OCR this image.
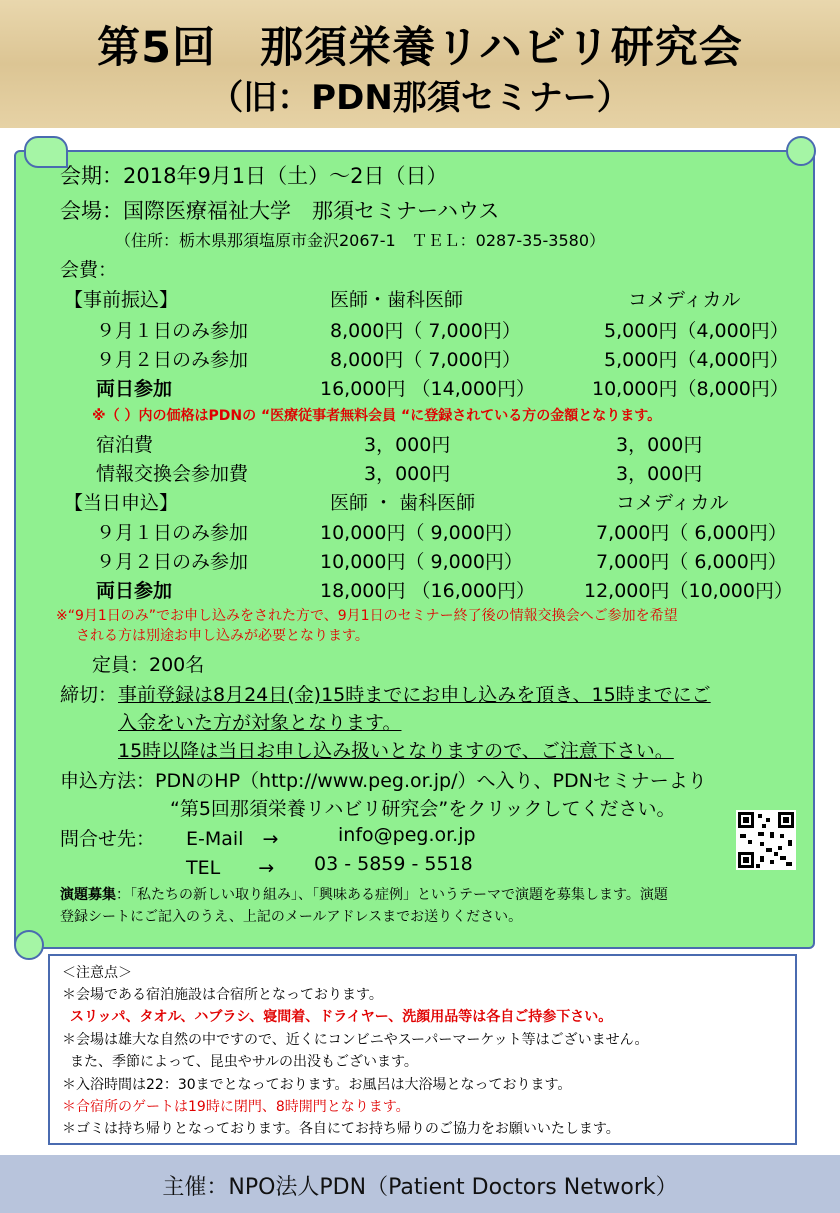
第5回　那須栄養リハビリ研究会
（旧：PDN那須セミナー）
会期：2018年9月1日（土）～2日（日）
会場：国際医療福祉大学　那須セミナーハウス
（住所：栃木県那須塩原市金沢2067-1　ＴＥＬ：0287-35-3580）
会費：
【事前振込】	医師・歯科医師	コメディカル
９月１日のみ参加	8,000円（ 7,000円）	5,000円（4,000円）
９月２日のみ参加	8,000円（ 7,000円）	5,000円（4,000円）
両日参加	16,000円 （14,000円）	10,000円（8,000円）
※（ ）内の価格はPDNの “医療従事者無料会員 “に登録されている方の金額となります。
宿泊費	3，000円	3，000円
情報交換会参加費	3，000円	3，000円
【当日申込】	医師 ・ 歯科医師	コメディカル
９月１日のみ参加	10,000円（ 9,000円）	7,000円（ 6,000円）
９月２日のみ参加	10,000円（ 9,000円）	7,000円（ 6,000円）
両日参加	18,000円 （16,000円）	12,000円（10,000円）
※“9月1日のみ”でお申し込みをされた方で、9月1日のセミナー終了後の情報交換会へご参加を希望
される方は別途お申し込みが必要となります。
定員：200名
締切： 事前登録は8月24日(金)15時までにお申し込みを頂き、15時までにご
入金をいた方が対象となります。
15時以降は当日お申し込み扱いとなりますので、ご注意下さい。
申込方法：PDNのHP（http://www.peg.or.jp/）へ入り、PDNセミナーより
“第5回那須栄養リハビリ研究会”をクリックしてください。
問合せ先： E-Mail　→	info@peg.or.jp
TEL　　→ 03 - 5859 - 5518
演題募集：「私たちの新しい取り組み」、「興味ある症例」というテーマで演題を募集します。演題
登録シートにご記入のうえ、上記のメールアドレスまでお送りください。
＜注意点＞
＊会場である宿泊施設は合宿所となっております。
スリッパ、タオル、ハブラシ、寝間着、ドライヤー、洗顔用品等は各自ご持参下さい。
＊会場は雄大な自然の中ですので、近くにコンビニやスーパーマーケット等はございません。
また、季節によって、昆虫やサルの出没もございます。
＊入浴時間は22：30までとなっております。お風呂は大浴場となっております。
＊合宿所のゲートは19時に閉門、8時開門となります。
＊ゴミは持ち帰りとなっております。各自にてお持ち帰りのご協力をお願いいたします。
主催：NPO法人PDN（Patient Doctors Network）
